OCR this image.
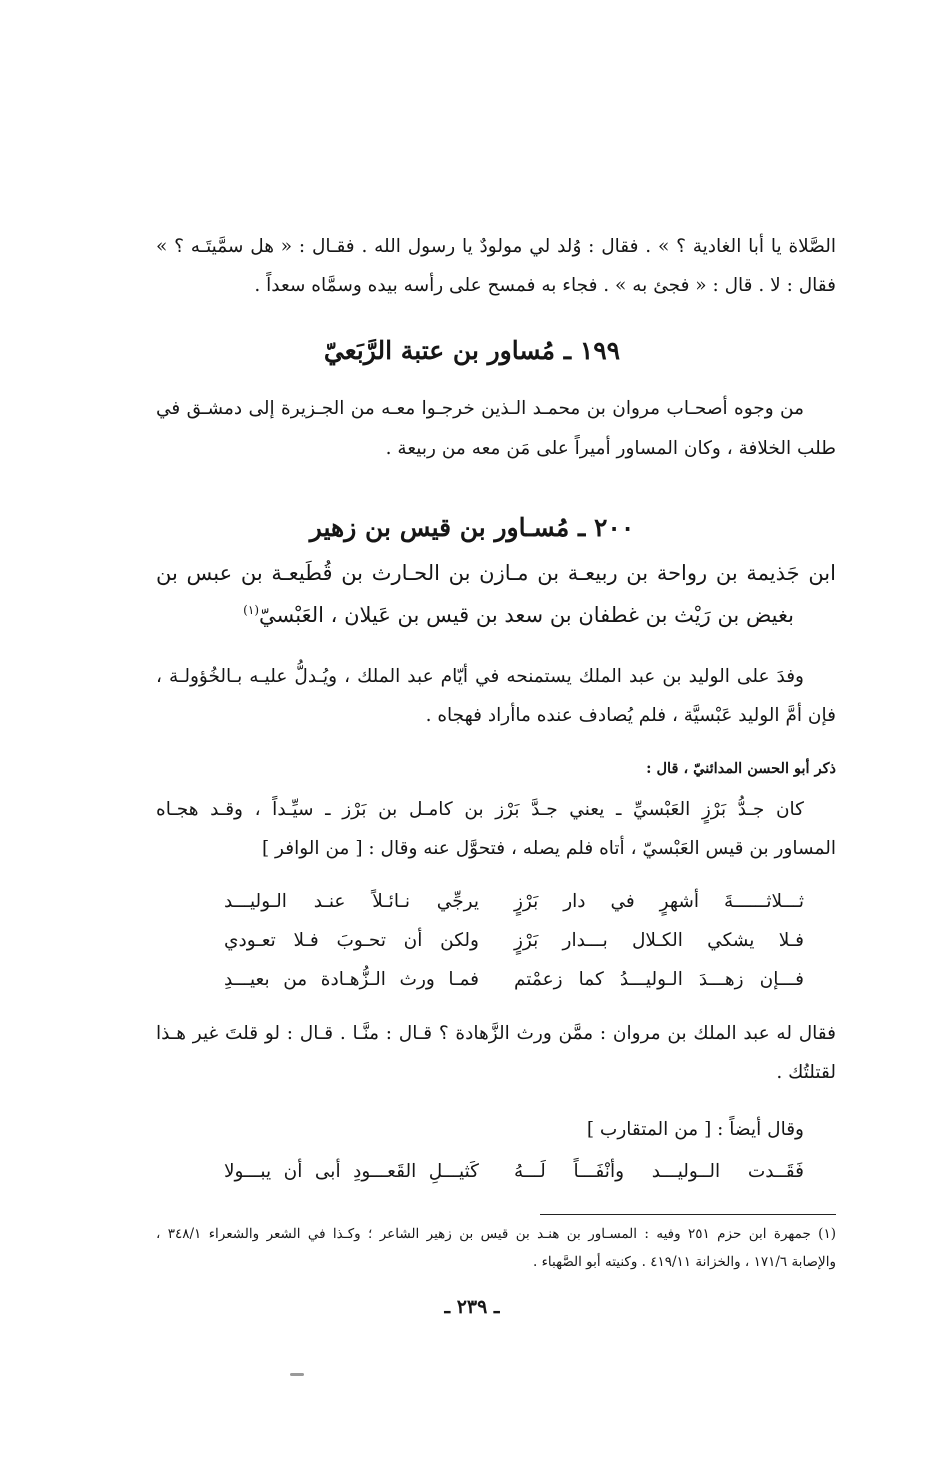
الصَّلاة يا أبا الغادية ؟ » . فقال : وُلد لي مولودٌ يا رسول الله . فقـال : « هل سمَّيتَـه ؟ »
فقال : لا . قال : « فجئ به » . فجاء به فمسح على رأسه بيده وسمَّاه سعداً .
١٩٩ ـ مُساور بن عتبة الرَّبَعيّ
من وجوه أصحـاب مروان بن محمـد الـذين خرجـوا معـه من الجـزيرة إلى دمشـق في
طلب الخلافة ، وكان المساور أميراً على مَن معه من ربيعة .
٢٠٠ ـ مُسـاور بن قيس بن زهير
ابن جَذيمة بن رواحة بن ربيعـة بن مـازن بن الحـارث بن قُطَيعـة بن عبس بن
بغيض بن رَيْث بن غطفان بن سعد بن قيس بن عَيلان ، العَبْسيّ$^{(١)}$
وفدَ على الوليد بن عبد الملك يستمنحه في أيّام عبد الملك ، ويُـدلُّ عليـه بـالخُؤولـة ،
فإن أمَّ الوليد عَبْسيَّة ، فلم يُصادف عنده ماأراد فهجاه .
ذكر أبو الحسن المدائنيّ ، قال :
كان جـدُّ بَرْزٍ العَبْسيِّ ـ يعني جـدَّ بَرْز بن كامـل بن بَرْز ـ سيِّـداً ، وقـد هجـاه
المساور بن قيس العَبْسيّ ، أتاه فلم يصله ، فتحوَّل عنه وقال : [ من الوافر ]
ثـــلاثــــــةَ أشهرٍ في دار بَرْزٍ
يرجِّي نـائـلاً عنـد الـوليـــد
فـلا يشكي الكـلال بـــدار بَرْزٍ
ولكن أن تحـوبَ فـلا تعـودي
فـــإن زهـــدَ الـوليـــدُ كما زعمْتم
فمـا ورث الـزُّهـادة من بعيـــدِ
فقال له عبد الملك بن مروان : ممَّن ورث الزَّهادة ؟ قـال : منَّـا . قـال : لو قلتَ غير هـذا
لقتلتُك .
وقال أيضاً : [ من المتقارب ]
فَقَــدت الــوليـــد وأنْفَـــاً لَـــهُ
كَثيـــلِ القَعـــودِ أبى أن يبـــولا
(١) جمهرة ابن حزم ٢٥١ وفيه : المسـاور بن هنـد بن قيس بن زهير الشاعر ؛ وكـذا في الشعر والشعراء ٣٤٨/١ ،
والإصابة ١٧١/٦ ، والخزانة ٤١٩/١١ . وكنيته أبو الصَّهباء .
ـ ٢٣٩ ـ
